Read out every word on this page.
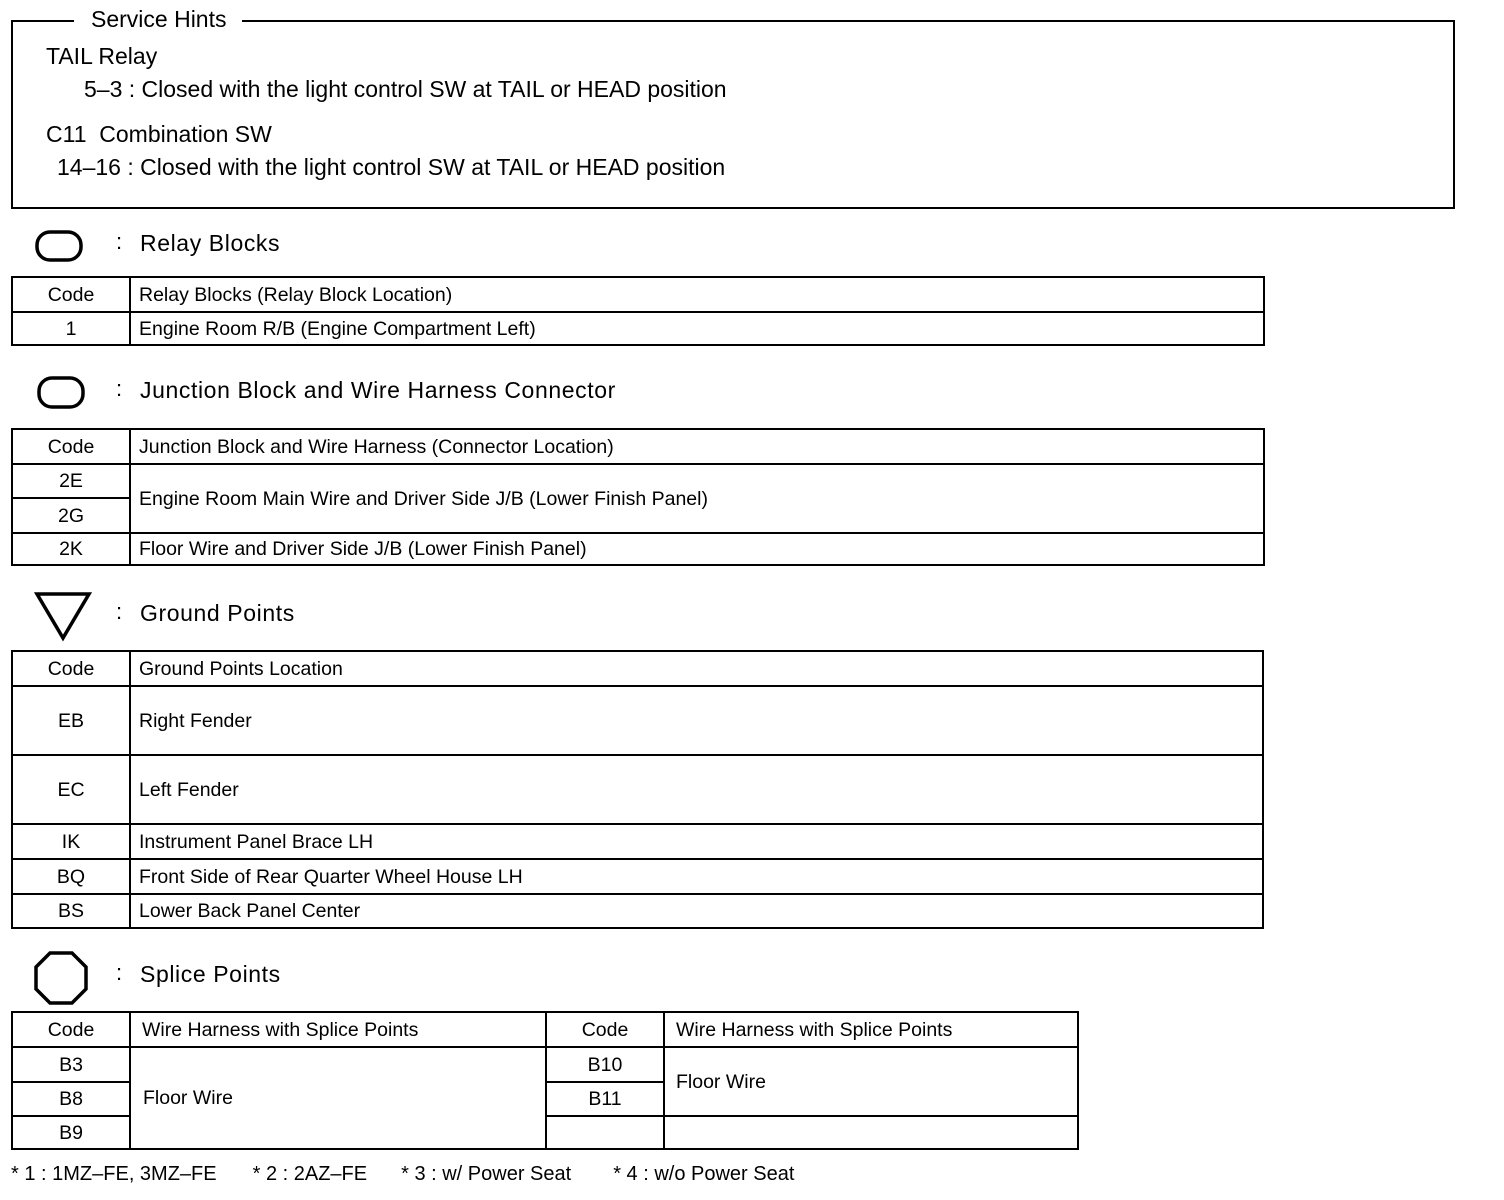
Service Hints
TAIL Relay
5–3 : Closed with the light control SW at TAIL or HEAD position
C11  Combination SW
14–16 : Closed with the light control SW at TAIL or HEAD position
: Relay Blocks
Code	Relay Blocks (Relay Block Location)
1	Engine Room R/B (Engine Compartment Left)
: Junction Block and Wire Harness Connector
Code	Junction Block and Wire Harness (Connector Location)
2E	Engine Room Main Wire and Driver Side J/B (Lower Finish Panel)
2G	
2K	Floor Wire and Driver Side J/B (Lower Finish Panel)
: Ground Points
Code	Ground Points Location
EB	Right Fender
EC	Left Fender
IK	Instrument Panel Brace LH
BQ	Front Side of Rear Quarter Wheel House LH
BS	Lower Back Panel Center
: Splice Points
Code	Wire Harness with Splice Points	Code	Wire Harness with Splice Points
B3	Floor Wire	B10	Floor Wire
B8		B11	
B9			
* 1 : 1MZ–FE, 3MZ–FE * 2 : 2AZ–FE * 3 : w/ Power Seat * 4 : w/o Power Seat
